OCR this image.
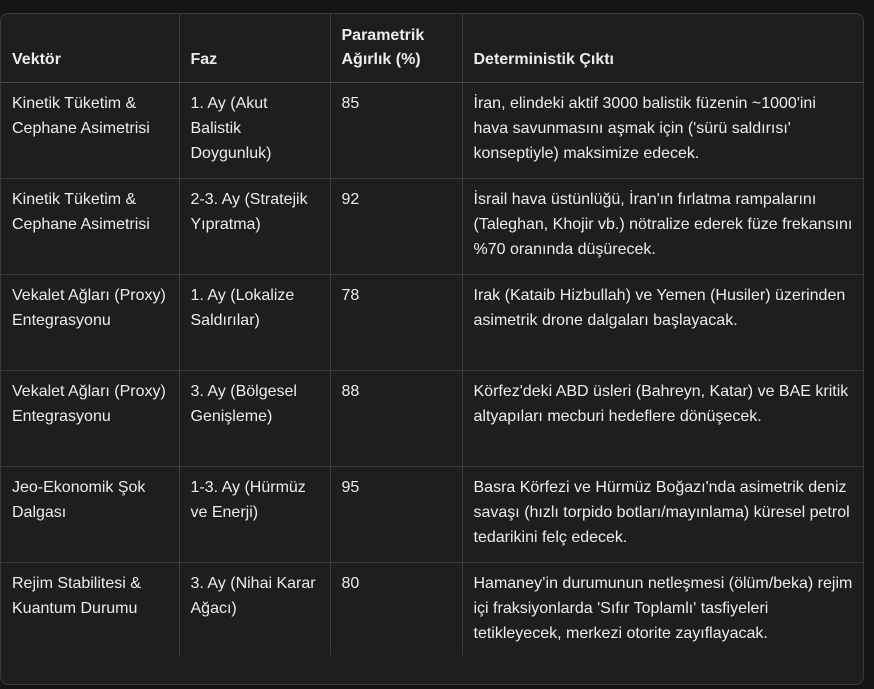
Vektör	Faz	Parametrik Ağırlık (%)	Deterministik Çıktı
Kinetik Tüketim & Cephane Asimetrisi	1. Ay (Akut Balistik Doygunluk)	85	İran, elindeki aktif 3000 balistik füzenin ~1000'ini hava savunmasını aşmak için ('sürü saldırısı' konseptiyle) maksimize edecek.
Kinetik Tüketim & Cephane Asimetrisi	2-3. Ay (Stratejik Yıpratma)	92	İsrail hava üstünlüğü, İran'ın fırlatma rampalarını (Taleghan, Khojir vb.) nötralize ederek füze frekansını %70 oranında düşürecek.
Vekalet Ağları (Proxy) Entegrasyonu	1. Ay (Lokalize Saldırılar)	78	Irak (Kataib Hizbullah) ve Yemen (Husiler) üzerinden asimetrik drone dalgaları başlayacak.
Vekalet Ağları (Proxy) Entegrasyonu	3. Ay (Bölgesel Genişleme)	88	Körfez'deki ABD üsleri (Bahreyn, Katar) ve BAE kritik altyapıları mecburi hedeflere dönüşecek.
Jeo-Ekonomik Şok Dalgası	1-3. Ay (Hürmüz ve Enerji)	95	Basra Körfezi ve Hürmüz Boğazı'nda asimetrik deniz savaşı (hızlı torpido botları/mayınlama) küresel petrol tedarikini felç edecek.
Rejim Stabilitesi & Kuantum Durumu	3. Ay (Nihai Karar Ağacı)	80	Hamaney’in durumunun netleşmesi (ölüm/beka) rejim içi fraksiyonlarda 'Sıfır Toplamlı' tasfiyeleri tetikleyecek, merkezi otorite zayıflayacak.
